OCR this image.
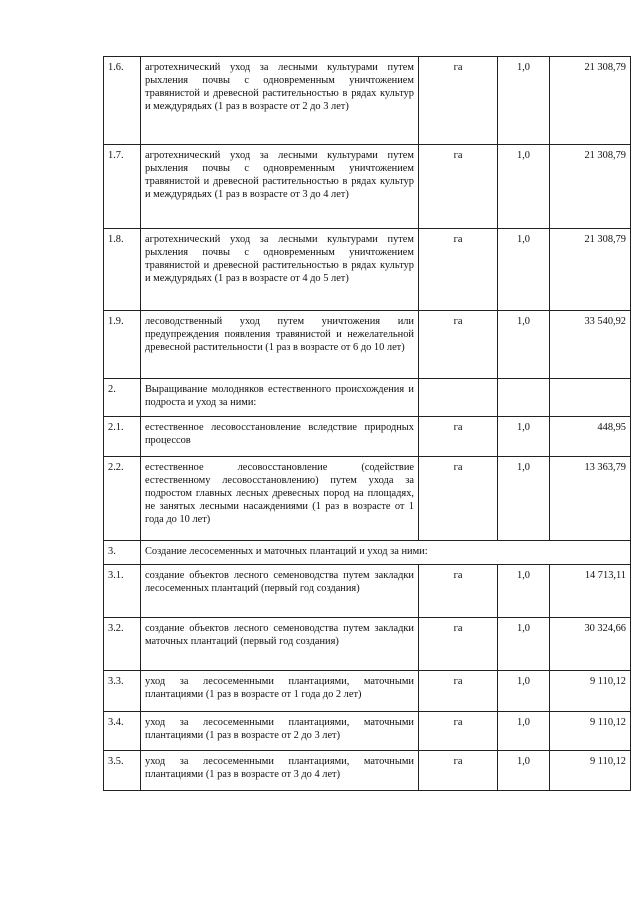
1.6.	агротехнический уход за лесными культурами путем рыхления почвы с одновременным уничтожением травянистой и древесной растительностью в рядах культур и междурядьях (1 раз в возрасте от 2 до 3 лет)	га	1,0	21 308,79
1.7.	агротехнический уход за лесными культурами путем рыхления почвы с одновременным уничтожением травянистой и древесной растительностью в рядах культур и междурядьях (1 раз в возрасте от 3 до 4 лет)	га	1,0	21 308,79
1.8.	агротехнический уход за лесными культурами путем рыхления почвы с одновременным уничтожением травянистой и древесной растительностью в рядах культур и междурядьях (1 раз в возрасте от 4 до 5 лет)	га	1,0	21 308,79
1.9.	лесоводственный уход путем уничтожения или предупреждения появления травянистой и нежелательной древесной растительности (1 раз в возрасте от 6 до 10 лет)	га	1,0	33 540,92
2.	Выращивание молодняков естественного происхождения и подроста и уход за ними:			
2.1.	естественное лесовосстановление вследствие природных процессов	га	1,0	448,95
2.2.	естественное лесовосстановление (содействие естественному лесовосстановлению) путем ухода за подростом главных лесных древесных пород на площадях, не занятых лесными насаждениями (1 раз в возрасте от 1 года до 10 лет)	га	1,0	13 363,79
3.	Создание лесосеменных и маточных плантаций и уход за ними:			
3.1.	создание объектов лесного семеноводства путем закладки лесосеменных плантаций (первый год создания)	га	1,0	14 713,11
3.2.	создание объектов лесного семеноводства путем закладки маточных плантаций (первый год создания)	га	1,0	30 324,66
3.3.	уход за лесосеменными плантациями, маточными плантациями (1 раз в возрасте от 1 года до 2 лет)	га	1,0	9 110,12
3.4.	уход за лесосеменными плантациями, маточными плантациями (1 раз в возрасте от 2 до 3 лет)	га	1,0	9 110,12
3.5.	уход за лесосеменными плантациями, маточными плантациями (1 раз в возрасте от 3 до 4 лет)	га	1,0	9 110,12
